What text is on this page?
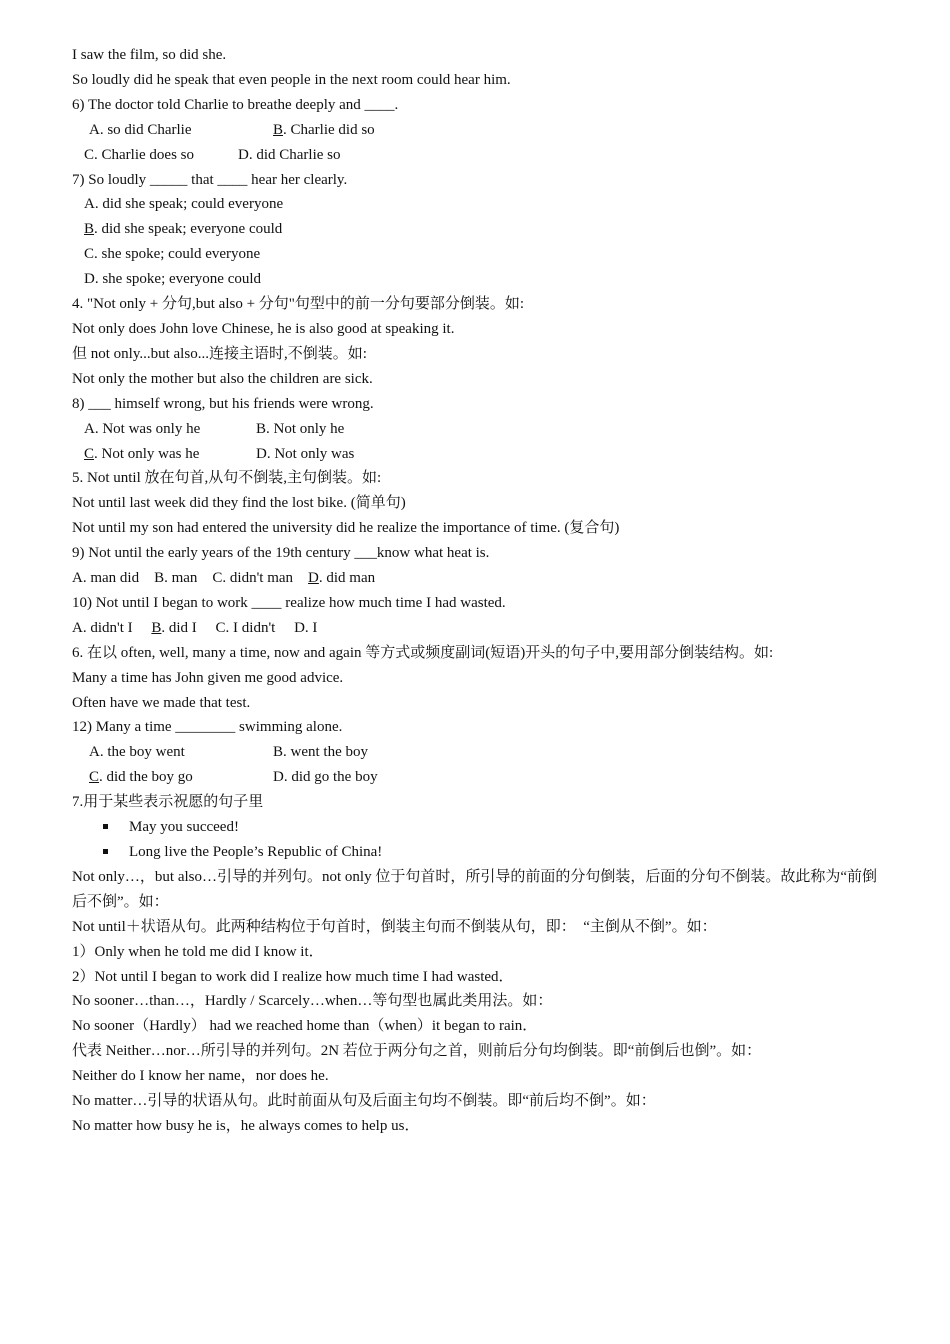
I saw the film, so did she.
So loudly did he speak that even people in the next room could hear him.
6) The doctor told Charlie to breathe deeply and ____.
A. so did Charlie	B. Charlie did so
C. Charlie does so	D. did Charlie so
7) So loudly _____ that ____ hear her clearly.
A. did she speak; could everyone
B. did she speak; everyone could
C. she spoke; could everyone
D. she spoke; everyone could
4. "Not only + 分句,but also + 分句"句型中的前一分句要部分倒装。如:
Not only does John love Chinese, he is also good at speaking it.
但 not only...but also...连接主语时,不倒装。如:
Not only the mother but also the children are sick.
8) ___ himself wrong, but his friends were wrong.
A. Not was only he	B. Not only he
C. Not only was he	D. Not only was
5. Not until 放在句首,从句不倒装,主句倒装。如:
Not until last week did they find the lost bike. (简单句)
Not until my son had entered the university did he realize the importance of time. (复合句)
9) Not until the early years of the 19th century ___know what heat is.
A. man did    B. man    C. didn't man    D. did man
10) Not until I began to work ____ realize how much time I had wasted.
A. didn't I     B. did I     C. I didn't     D. I
6. 在以 often, well, many a time, now and again 等方式或频度副词(短语)开头的句子中,要用部分倒装结构。如:
Many a time has John given me good advice.
Often have we made that test.
12) Many a time ________ swimming alone.
A. the boy went	B. went the boy
C. did the boy go	D. did go the boy
7.用于某些表示祝愿的句子里
May you succeed!
Long live the People’s Republic of China!
Not only…，but also…引导的并列句。not only 位于句首时，所引导的前面的分句倒装，后面的分句不倒装。故此称为“前倒后不倒”。如：
Not until＋状语从句。此两种结构位于句首时，倒装主句而不倒装从句，即：  “主倒从不倒”。如：
1）Only when he told me did I know it．
2）Not until I began to work did I realize how much time I had wasted．
No sooner…than…，Hardly / Scarcely…when…等句型也属此类用法。如：
No sooner（Hardly） had we reached home than（when）it began to rain．
代表 Neither…nor…所引导的并列句。2N 若位于两分句之首，则前后分句均倒装。即“前倒后也倒”。如：
Neither do I know her name，nor does he.
No matter…引导的状语从句。此时前面从句及后面主句均不倒装。即“前后均不倒”。如：
No matter how busy he is，he always comes to help us．
